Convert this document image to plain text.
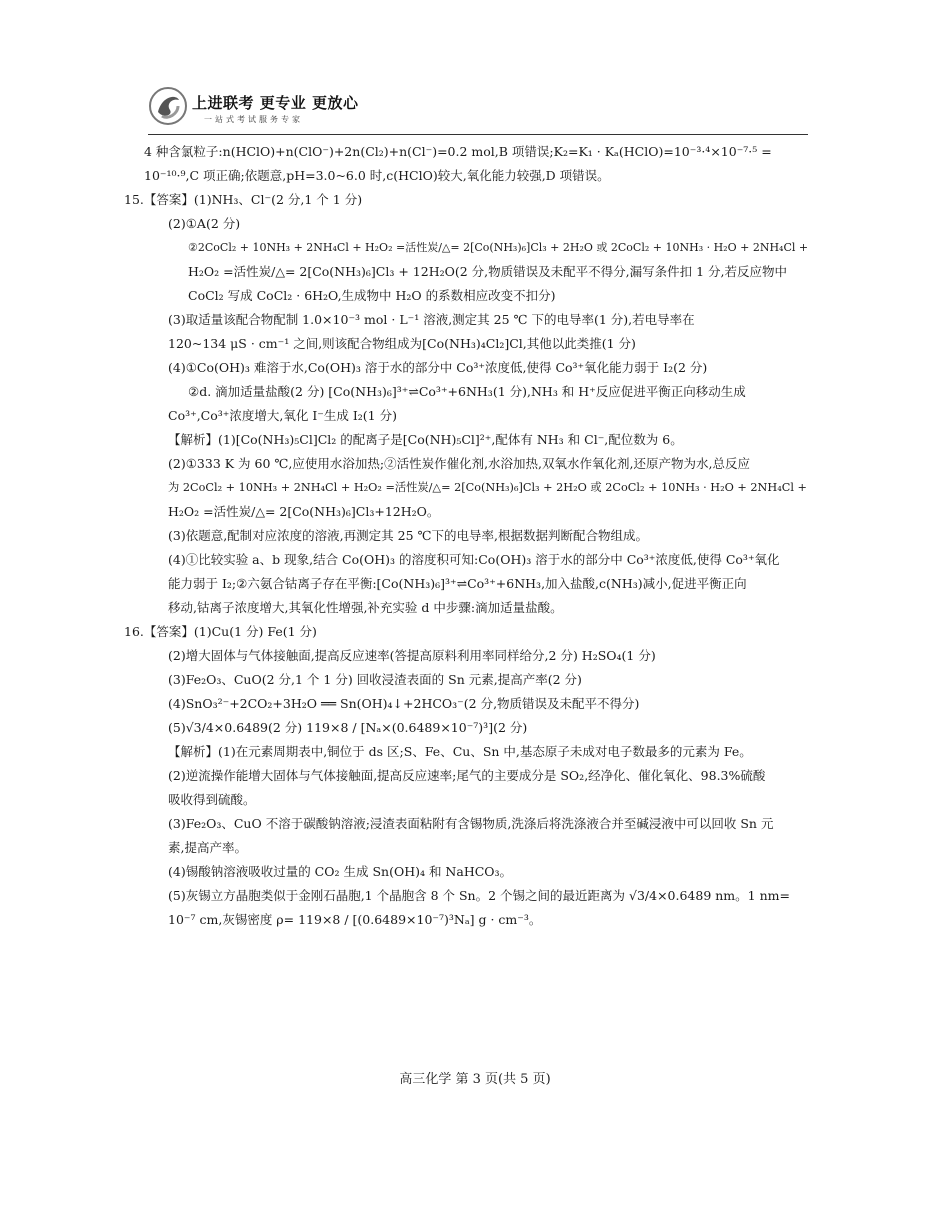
上进联考 更专业 更放心
一站式考试服务专家
4 种含氯粒子:n(HClO)+n(ClO⁻)+2n(Cl₂)+n(Cl⁻)=0.2 mol,B 项错误;K₂=K₁ · Kₐ(HClO)=10⁻³·⁴×10⁻⁷·⁵ =
10⁻¹⁰·⁹,C 项正确;依题意,pH=3.0~6.0 时,c(HClO)较大,氧化能力较强,D 项错误。
15.【答案】(1)NH₃、Cl⁻(2 分,1 个 1 分)
(2)①A(2 分)
②2CoCl₂ + 10NH₃ + 2NH₄Cl + H₂O₂ =活性炭/△= 2[Co(NH₃)₆]Cl₃ + 2H₂O 或 2CoCl₂ + 10NH₃ · H₂O + 2NH₄Cl +
H₂O₂ =活性炭/△= 2[Co(NH₃)₆]Cl₃ + 12H₂O(2 分,物质错误及未配平不得分,漏写条件扣 1 分,若反应物中
CoCl₂ 写成 CoCl₂ · 6H₂O,生成物中 H₂O 的系数相应改变不扣分)
(3)取适量该配合物配制 1.0×10⁻³ mol · L⁻¹ 溶液,测定其 25 ℃ 下的电导率(1 分),若电导率在
120~134 μS · cm⁻¹ 之间,则该配合物组成为[Co(NH₃)₄Cl₂]Cl,其他以此类推(1 分)
(4)①Co(OH)₃ 难溶于水,Co(OH)₃ 溶于水的部分中 Co³⁺浓度低,使得 Co³⁺氧化能力弱于 I₂(2 分)
②d. 滴加适量盐酸(2 分) [Co(NH₃)₆]³⁺⇌Co³⁺+6NH₃(1 分),NH₃ 和 H⁺反应促进平衡正向移动生成
Co³⁺,Co³⁺浓度增大,氧化 I⁻生成 I₂(1 分)
【解析】(1)[Co(NH₃)₅Cl]Cl₂ 的配离子是[Co(NH)₅Cl]²⁺,配体有 NH₃ 和 Cl⁻,配位数为 6。
(2)①333 K 为 60 ℃,应使用水浴加热;②活性炭作催化剂,水浴加热,双氧水作氧化剂,还原产物为水,总反应
为 2CoCl₂ + 10NH₃ + 2NH₄Cl + H₂O₂ =活性炭/△= 2[Co(NH₃)₆]Cl₃ + 2H₂O 或 2CoCl₂ + 10NH₃ · H₂O + 2NH₄Cl +
H₂O₂ =活性炭/△= 2[Co(NH₃)₆]Cl₃+12H₂O。
(3)依题意,配制对应浓度的溶液,再测定其 25 ℃下的电导率,根据数据判断配合物组成。
(4)①比较实验 a、b 现象,结合 Co(OH)₃ 的溶度积可知:Co(OH)₃ 溶于水的部分中 Co³⁺浓度低,使得 Co³⁺氧化
能力弱于 I₂;②六氨合钴离子存在平衡:[Co(NH₃)₆]³⁺⇌Co³⁺+6NH₃,加入盐酸,c(NH₃)减小,促进平衡正向
移动,钴离子浓度增大,其氧化性增强,补充实验 d 中步骤:滴加适量盐酸。
16.【答案】(1)Cu(1 分) Fe(1 分)
(2)增大固体与气体接触面,提高反应速率(答提高原料利用率同样给分,2 分) H₂SO₄(1 分)
(3)Fe₂O₃、CuO(2 分,1 个 1 分) 回收浸渣表面的 Sn 元素,提高产率(2 分)
(4)SnO₃²⁻+2CO₂+3H₂O ══ Sn(OH)₄↓+2HCO₃⁻(2 分,物质错误及未配平不得分)
(5)√3/4×0.6489(2 分) 119×8 / [Nₐ×(0.6489×10⁻⁷)³](2 分)
【解析】(1)在元素周期表中,铜位于 ds 区;S、Fe、Cu、Sn 中,基态原子未成对电子数最多的元素为 Fe。
(2)逆流操作能增大固体与气体接触面,提高反应速率;尾气的主要成分是 SO₂,经净化、催化氧化、98.3%硫酸
吸收得到硫酸。
(3)Fe₂O₃、CuO 不溶于碳酸钠溶液;浸渣表面粘附有含锡物质,洗涤后将洗涤液合并至碱浸液中可以回收 Sn 元
素,提高产率。
(4)锡酸钠溶液吸收过量的 CO₂ 生成 Sn(OH)₄ 和 NaHCO₃。
(5)灰锡立方晶胞类似于金刚石晶胞,1 个晶胞含 8 个 Sn。2 个锡之间的最近距离为 √3/4×0.6489 nm。1 nm=
10⁻⁷ cm,灰锡密度 ρ= 119×8 / [(0.6489×10⁻⁷)³Nₐ] g · cm⁻³。
高三化学 第 3 页(共 5 页)
